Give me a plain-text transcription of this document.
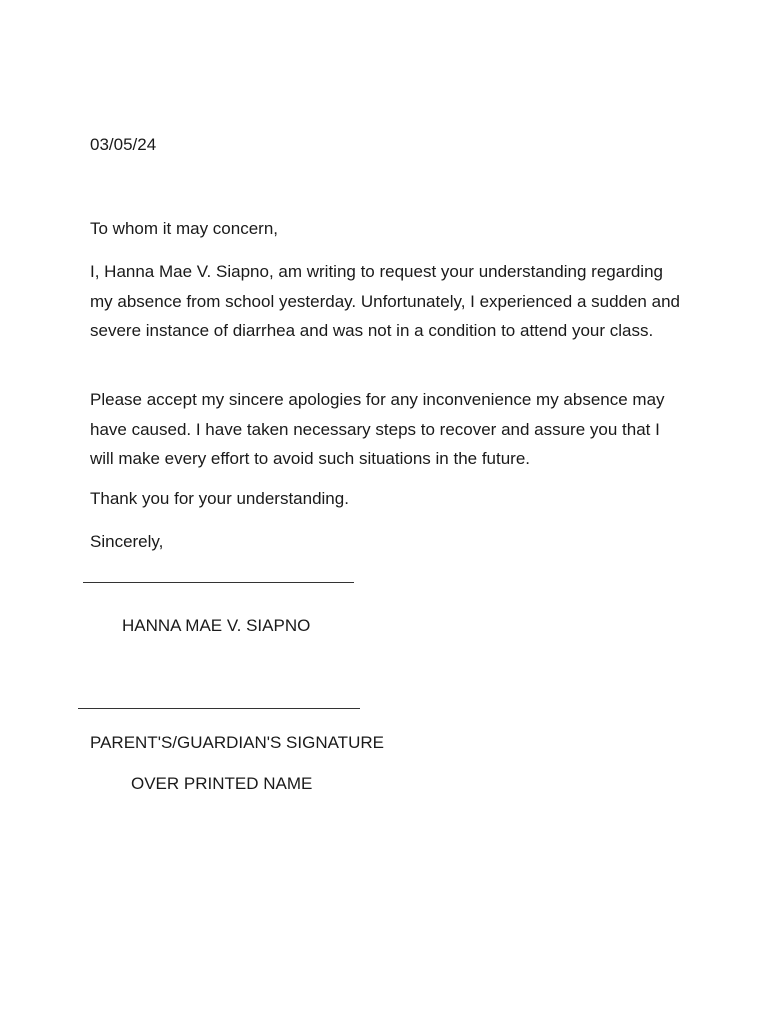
03/05/24

To whom it may concern,

I, Hanna Mae V. Siapno, am writing to request your understanding regarding my absence from school yesterday. Unfortunately, I experienced a sudden and severe instance of diarrhea and was not in a condition to attend your class.

Please accept my sincere apologies for any inconvenience my absence may have caused. I have taken necessary steps to recover and assure you that I will make every effort to avoid such situations in the future.

Thank you for your understanding.

Sincerely,

HANNA MAE V. SIAPNO

PARENT'S/GUARDIAN'S SIGNATURE

OVER PRINTED NAME
